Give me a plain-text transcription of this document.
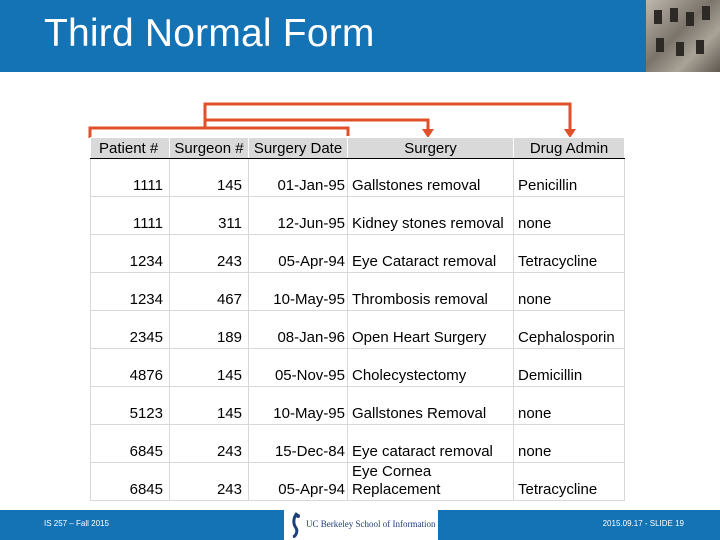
Third Normal Form
Patient #	Surgeon #	Surgery Date	Surgery	Drug Admin
1111	145	01-Jan-95	Gallstones removal	Penicillin
1111	311	12-Jun-95	Kidney stones removal	none
1234	243	05-Apr-94	Eye Cataract removal	Tetracycline
1234	467	10-May-95	Thrombosis removal	none
2345	189	08-Jan-96	Open Heart Surgery	Cephalosporin
4876	145	05-Nov-95	Cholecystectomy	Demicillin
5123	145	10-May-95	Gallstones Removal	none
6845	243	15-Dec-84	Eye cataract removal	none
6845	243	05-Apr-94	Eye Cornea Replacement	Tetracycline
IS 257 – Fall 2015	UC Berkeley School of Information	2015.09.17 - SLIDE 19
